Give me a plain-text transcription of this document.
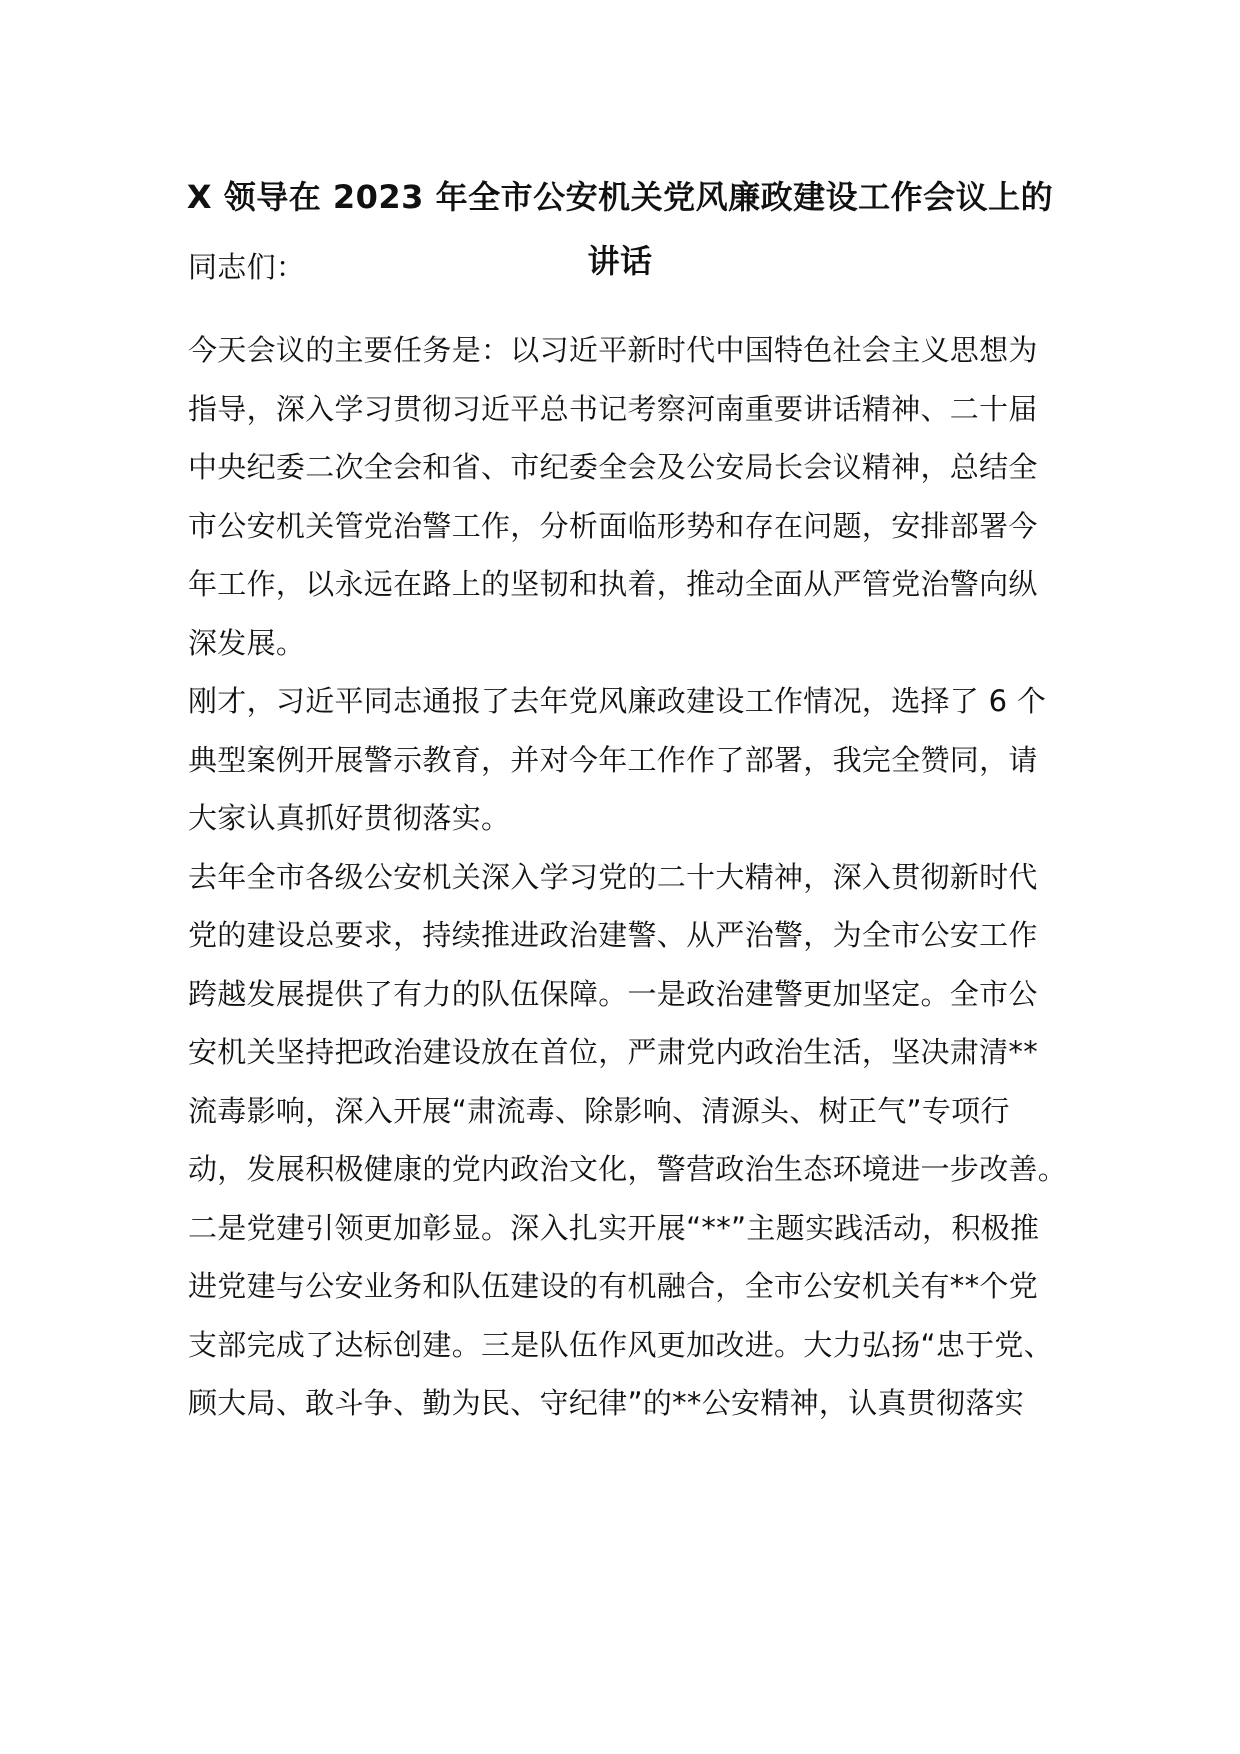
X 领导在 2023 年全市公安机关党风廉政建设工作会议上的
讲话
同志们：
今天会议的主要任务是：以习近平新时代中国特色社会主义思想为
指导，深入学习贯彻习近平总书记考察河南重要讲话精神、二十届
中央纪委二次全会和省、市纪委全会及公安局长会议精神，总结全
市公安机关管党治警工作，分析面临形势和存在问题，安排部署今
年工作，以永远在路上的坚韧和执着，推动全面从严管党治警向纵
深发展。
刚才，习近平同志通报了去年党风廉政建设工作情况，选择了 6 个
典型案例开展警示教育，并对今年工作作了部署，我完全赞同，请
大家认真抓好贯彻落实。
去年全市各级公安机关深入学习党的二十大精神，深入贯彻新时代
党的建设总要求，持续推进政治建警、从严治警，为全市公安工作
跨越发展提供了有力的队伍保障。一是政治建警更加坚定。全市公
安机关坚持把政治建设放在首位，严肃党内政治生活，坚决肃清**
流毒影响，深入开展“肃流毒、除影响、清源头、树正气”专项行
动，发展积极健康的党内政治文化，警营政治生态环境进一步改善。
二是党建引领更加彰显。深入扎实开展“**”主题实践活动，积极推
进党建与公安业务和队伍建设的有机融合，全市公安机关有**个党
支部完成了达标创建。三是队伍作风更加改进。大力弘扬“忠于党、
顾大局、敢斗争、勤为民、守纪律”的**公安精神，认真贯彻落实
